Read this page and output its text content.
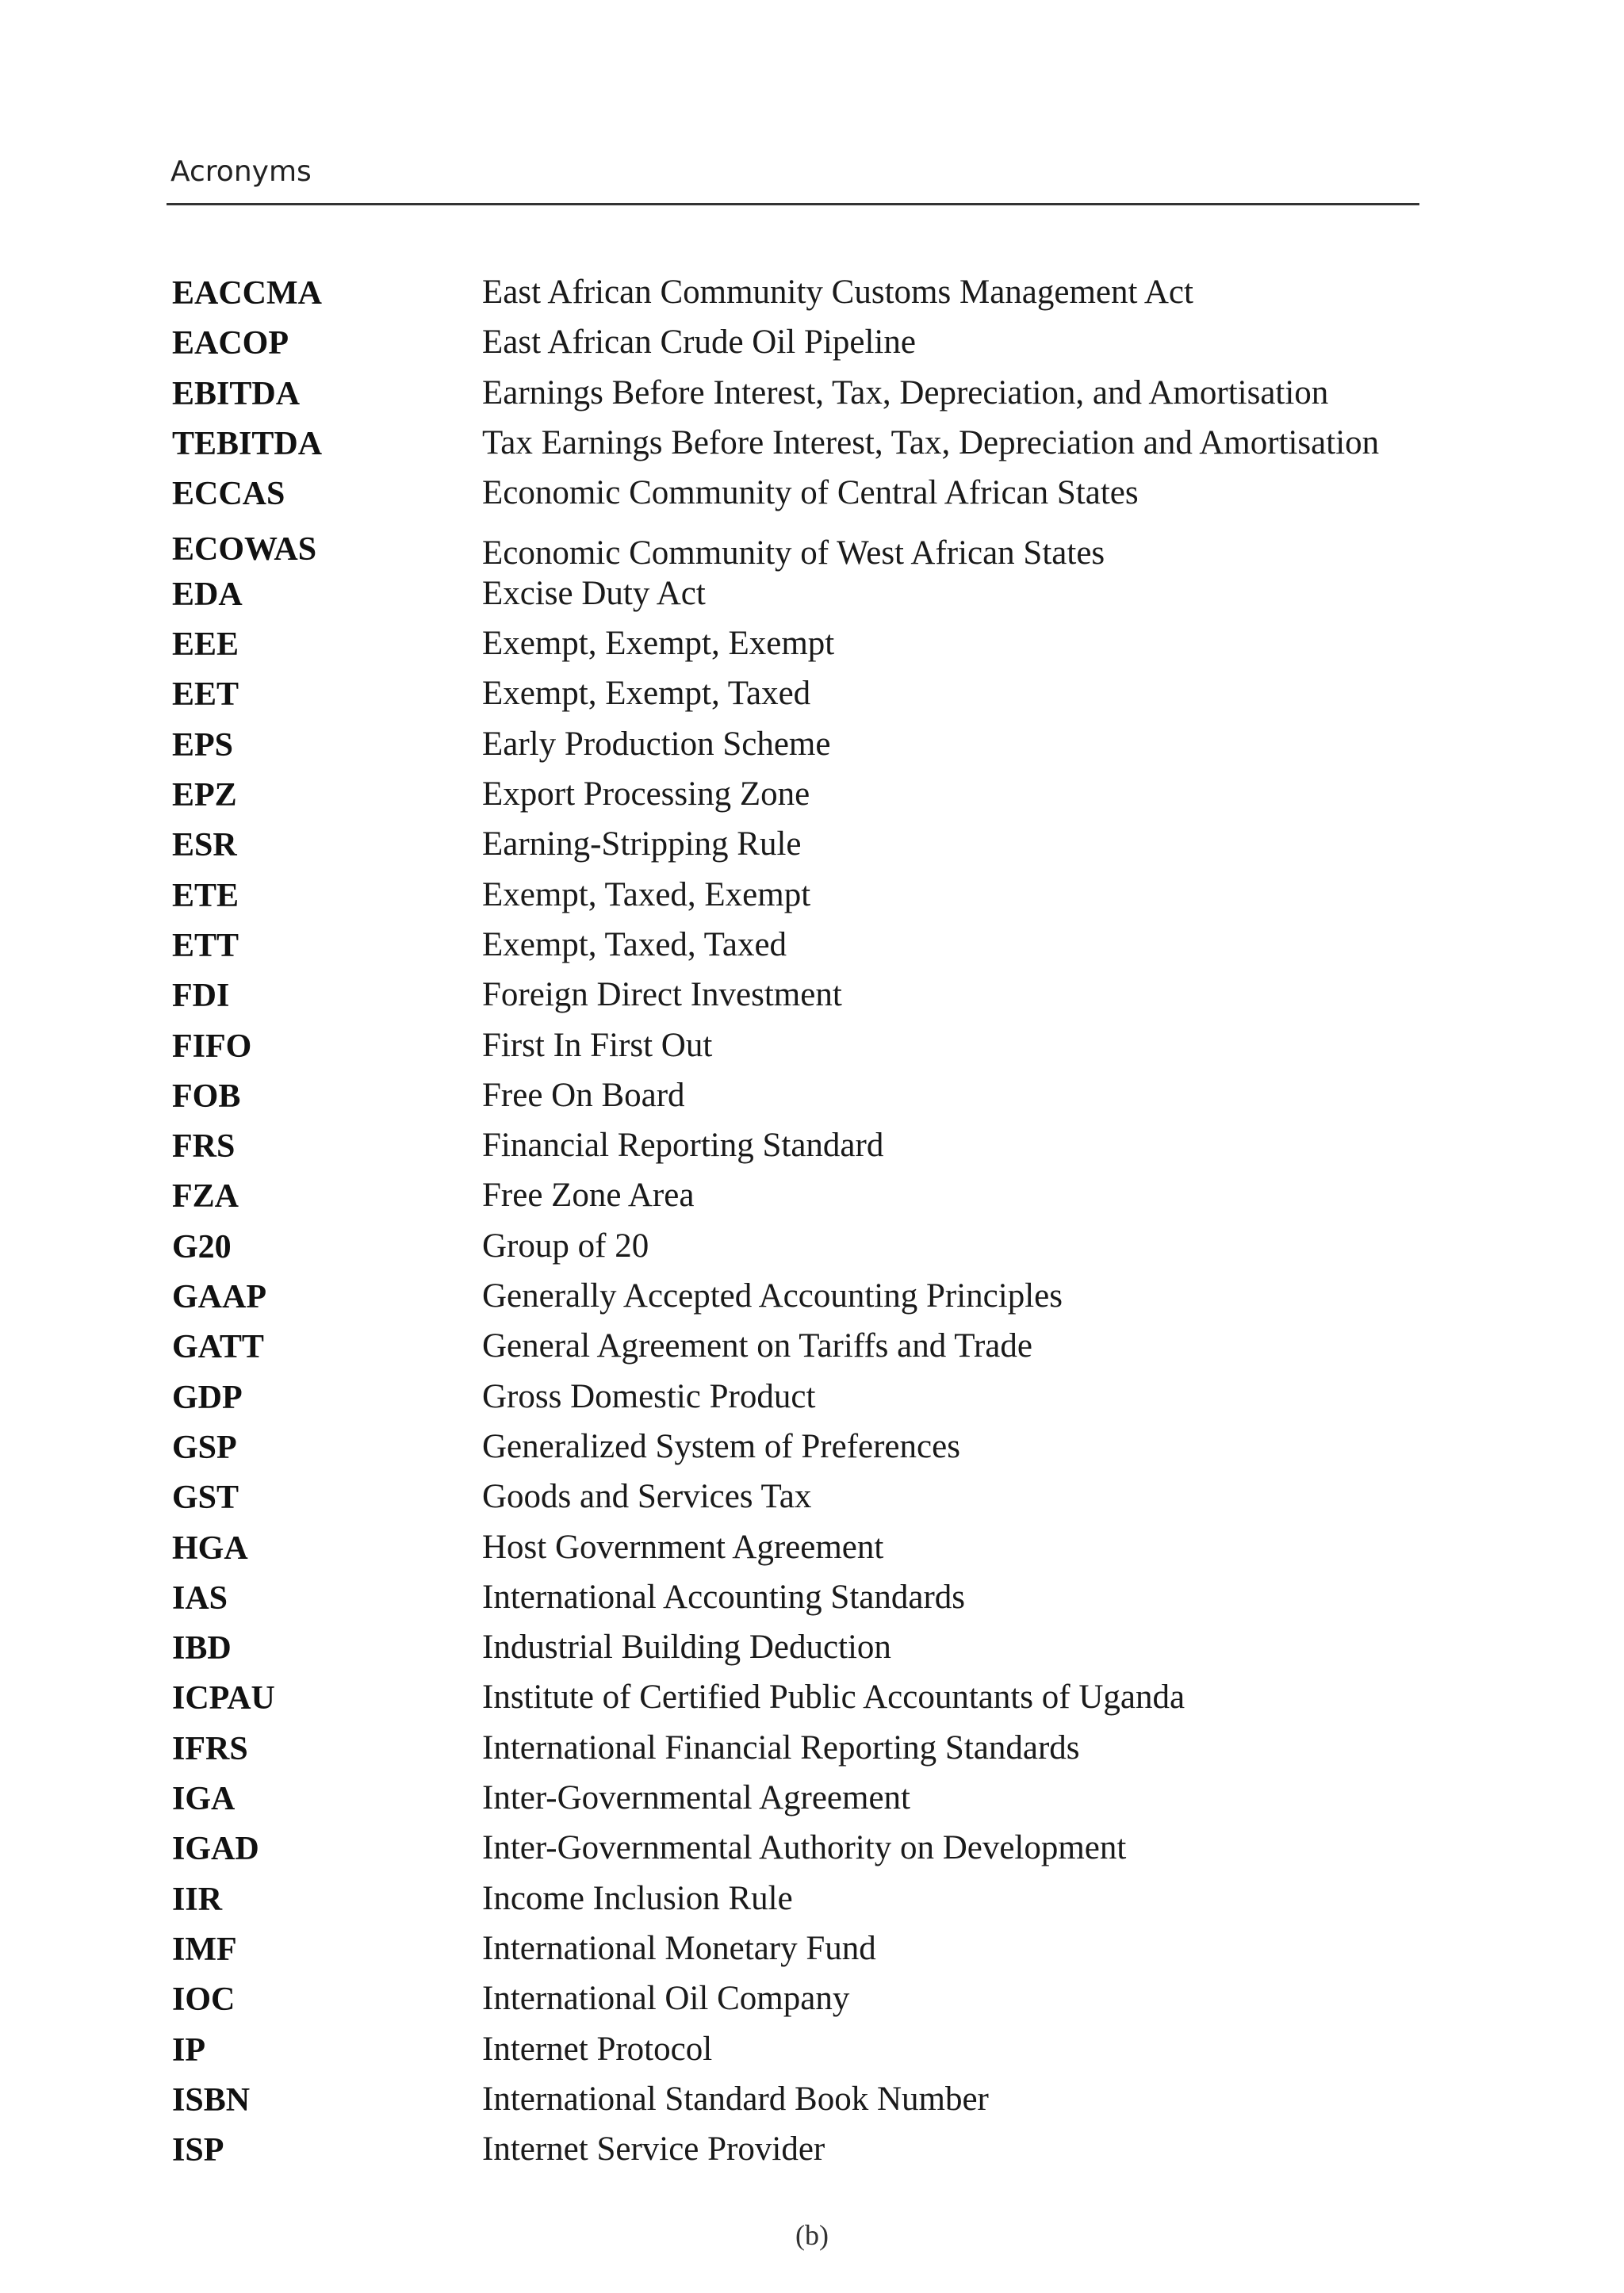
Acronyms
EACCMA	East African Community Customs Management Act
EACOP	East African Crude Oil Pipeline
EBITDA	Earnings Before Interest, Tax, Depreciation, and Amortisation
TEBITDA	Tax Earnings Before Interest, Tax, Depreciation and Amortisation
ECCAS	Economic Community of Central African States
ECOWAS	Economic Community of West African States
EDA	Excise Duty Act
EEE	Exempt, Exempt, Exempt
EET	Exempt, Exempt, Taxed
EPS	Early Production Scheme
EPZ	Export Processing Zone
ESR	Earning-Stripping Rule
ETE	Exempt, Taxed, Exempt
ETT	Exempt, Taxed, Taxed
FDI	Foreign Direct Investment
FIFO	First In First Out
FOB	Free On Board
FRS	Financial Reporting Standard
FZA	Free Zone Area
G20	Group of 20
GAAP	Generally Accepted Accounting Principles
GATT	General Agreement on Tariffs and Trade
GDP	Gross Domestic Product
GSP	Generalized System of Preferences
GST	Goods and Services Tax
HGA	Host Government Agreement
IAS	International Accounting Standards
IBD	Industrial Building Deduction
ICPAU	Institute of Certified Public Accountants of Uganda
IFRS	International Financial Reporting Standards
IGA	Inter-Governmental Agreement
IGAD	Inter-Governmental Authority on Development
IIR	Income Inclusion Rule
IMF	International Monetary Fund
IOC	International Oil Company
IP	Internet Protocol
ISBN	International Standard Book Number
ISP	Internet Service Provider
(b)
